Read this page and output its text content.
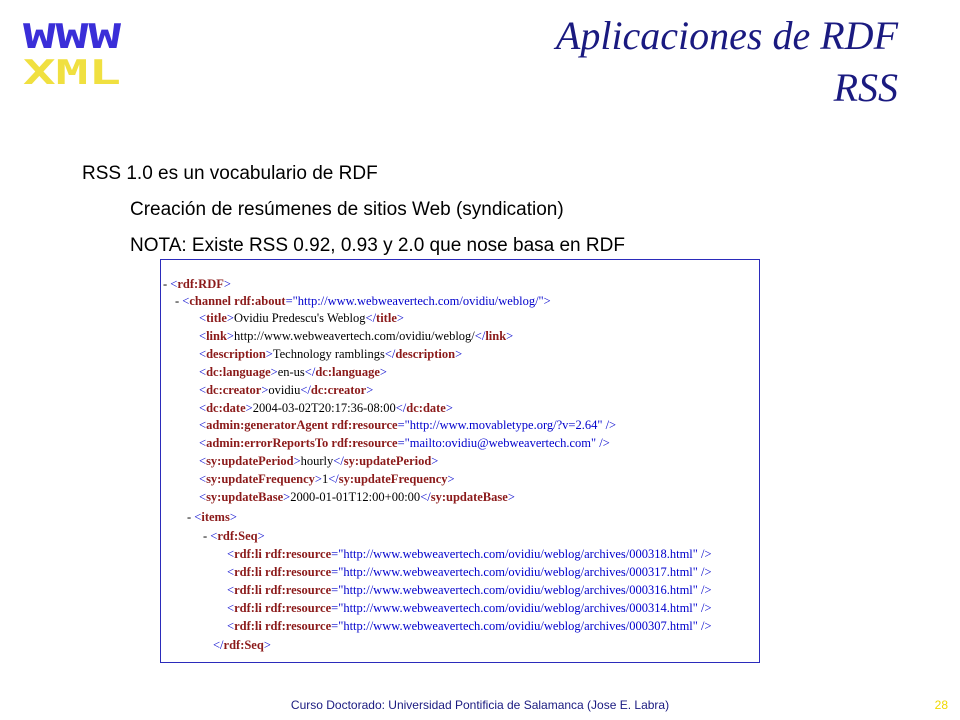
WWW
XML
Aplicaciones de RDF
RSS
RSS 1.0 es un vocabulario de RDF
Creación de resúmenes de sitios Web (syndication)
NOTA: Existe RSS 0.92, 0.93 y 2.0 que nose basa en RDF
- <rdf:RDF>
- <channel rdf:about="http://www.webweavertech.com/ovidiu/weblog/">
<title>Ovidiu Predescu's Weblog</title>
<link>http://www.webweavertech.com/ovidiu/weblog/</link>
<description>Technology ramblings</description>
<dc:language>en-us</dc:language>
<dc:creator>ovidiu</dc:creator>
<dc:date>2004-03-02T20:17:36-08:00</dc:date>
<admin:generatorAgent rdf:resource="http://www.movabletype.org/?v=2.64" />
<admin:errorReportsTo rdf:resource="mailto:ovidiu@webweavertech.com" />
<sy:updatePeriod>hourly</sy:updatePeriod>
<sy:updateFrequency>1</sy:updateFrequency>
<sy:updateBase>2000-01-01T12:00+00:00</sy:updateBase>
- <items>
- <rdf:Seq>
<rdf:li rdf:resource="http://www.webweavertech.com/ovidiu/weblog/archives/000318.html" />
<rdf:li rdf:resource="http://www.webweavertech.com/ovidiu/weblog/archives/000317.html" />
<rdf:li rdf:resource="http://www.webweavertech.com/ovidiu/weblog/archives/000316.html" />
<rdf:li rdf:resource="http://www.webweavertech.com/ovidiu/weblog/archives/000314.html" />
<rdf:li rdf:resource="http://www.webweavertech.com/ovidiu/weblog/archives/000307.html" />
</rdf:Seq>
Curso Doctorado: Universidad Pontificia de Salamanca (Jose E. Labra)	28
